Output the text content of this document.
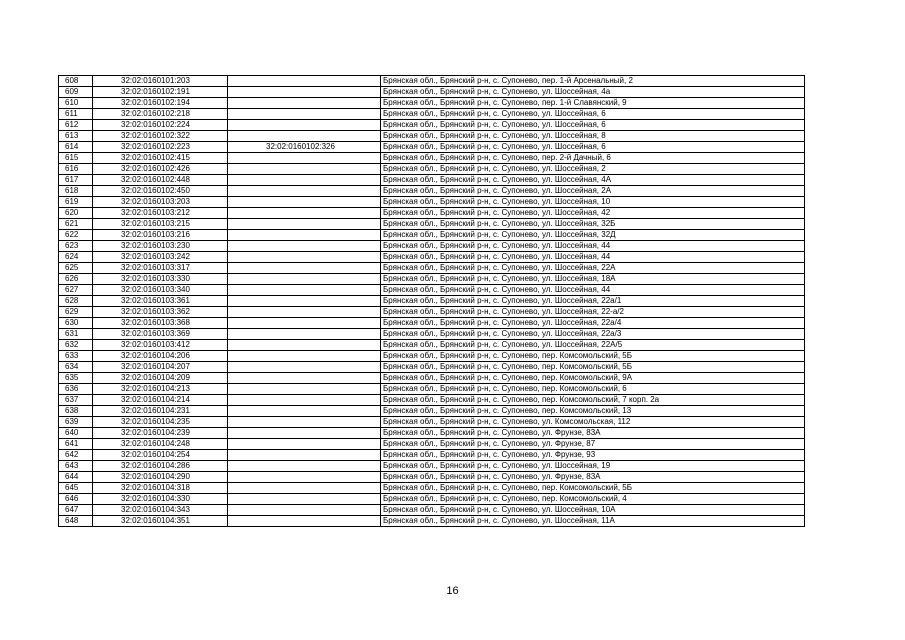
608	32:02:0160101:203		Брянская обл., Брянский р-н, с. Супонево, пер. 1-й Арсенальный, 2
609	32:02:0160102:191		Брянская обл., Брянский р-н, с. Супонево, ул. Шоссейная, 4а
610	32:02:0160102:194		Брянская обл., Брянский р-н, с. Супонево, пер. 1-й Славянский, 9
611	32:02:0160102:218		Брянская обл., Брянский р-н, с. Супонево, ул. Шоссейная, 6
612	32:02:0160102:224		Брянская обл., Брянский р-н, с. Супонево, ул. Шоссейная, 6
613	32:02:0160102:322		Брянская обл., Брянский р-н, с. Супонево, ул. Шоссейная, 8
614	32:02:0160102:223	32:02:0160102:326	Брянская обл., Брянский р-н, с. Супонево, ул. Шоссейная, 6
615	32:02:0160102:415		Брянская обл., Брянский р-н, с. Супонево, пер. 2-й Дачный, 6
616	32:02:0160102:426		Брянская обл., Брянский р-н, с. Супонево, ул. Шоссейная, 2
617	32:02:0160102:448		Брянская обл., Брянский р-н, с. Супонево, ул. Шоссейная, 4А
618	32:02:0160102:450		Брянская обл., Брянский р-н, с. Супонево, ул. Шоссейная, 2А
619	32:02:0160103:203		Брянская обл., Брянский р-н, с. Супонево, ул. Шоссейная, 10
620	32:02:0160103:212		Брянская обл., Брянский р-н, с. Супонево, ул. Шоссейная, 42
621	32:02:0160103:215		Брянская обл., Брянский р-н, с. Супонево, ул. Шоссейная, 32Б
622	32:02:0160103:216		Брянская обл., Брянский р-н, с. Супонево, ул. Шоссейная, 32Д
623	32:02:0160103:230		Брянская обл., Брянский р-н, с. Супонево, ул. Шоссейная, 44
624	32:02:0160103:242		Брянская обл., Брянский р-н, с. Супонево, ул. Шоссейная, 44
625	32:02:0160103:317		Брянская обл., Брянский р-н, с. Супонево, ул. Шоссейная, 22А
626	32:02:0160103:330		Брянская обл., Брянский р-н, с. Супонево, ул. Шоссейная, 18А
627	32:02:0160103:340		Брянская обл., Брянский р-н, с. Супонево, ул. Шоссейная, 44
628	32:02:0160103:361		Брянская обл., Брянский р-н, с. Супонево, ул. Шоссейная, 22а/1
629	32:02:0160103:362		Брянская обл., Брянский р-н, с. Супонево, ул. Шоссейная, 22-а/2
630	32:02:0160103:368		Брянская обл., Брянский р-н, с. Супонево, ул. Шоссейная, 22а/4
631	32:02:0160103:369		Брянская обл., Брянский р-н, с. Супонево, ул. Шоссейная, 22а/3
632	32:02:0160103:412		Брянская обл., Брянский р-н, с. Супонево, ул. Шоссейная, 22А/5
633	32:02:0160104:206		Брянская обл., Брянский р-н, с. Супонево, пер. Комсомольский, 5Б
634	32:02:0160104:207		Брянская обл., Брянский р-н, с. Супонево, пер. Комсомольский, 5Б
635	32:02:0160104:209		Брянская обл., Брянский р-н, с. Супонево, пер. Комсомольский, 9А
636	32:02:0160104:213		Брянская обл., Брянский р-н, с. Супонево, пер. Комсомольский, 6
637	32:02:0160104:214		Брянская обл., Брянский р-н, с. Супонево, пер. Комсомольский, 7 корп. 2а
638	32:02:0160104:231		Брянская обл., Брянский р-н, с. Супонево, пер. Комсомольский, 13
639	32:02:0160104:235		Брянская обл., Брянский р-н, с. Супонево, ул. Комсомольская, 112
640	32:02:0160104:239		Брянская обл., Брянский р-н, с. Супонево, ул. Фрунзе, 83А
641	32:02:0160104:248		Брянская обл., Брянский р-н, с. Супонево, ул. Фрунзе, 87
642	32:02:0160104:254		Брянская обл., Брянский р-н, с. Супонево, ул. Фрунзе, 93
643	32:02:0160104:286		Брянская обл., Брянский р-н, с. Супонево, ул. Шоссейная, 19
644	32:02:0160104:290		Брянская обл., Брянский р-н, с. Супонево, ул. Фрунзе, 83А
645	32:02:0160104:318		Брянская обл., Брянский р-н, с. Супонево, пер. Комсомольский, 5Б
646	32:02:0160104:330		Брянская обл., Брянский р-н, с. Супонево, пер. Комсомольский, 4
647	32:02:0160104:343		Брянская обл., Брянский р-н, с. Супонево, ул. Шоссейная, 10А
648	32:02:0160104:351		Брянская обл., Брянский р-н, с. Супонево, ул. Шоссейная, 11А
16
